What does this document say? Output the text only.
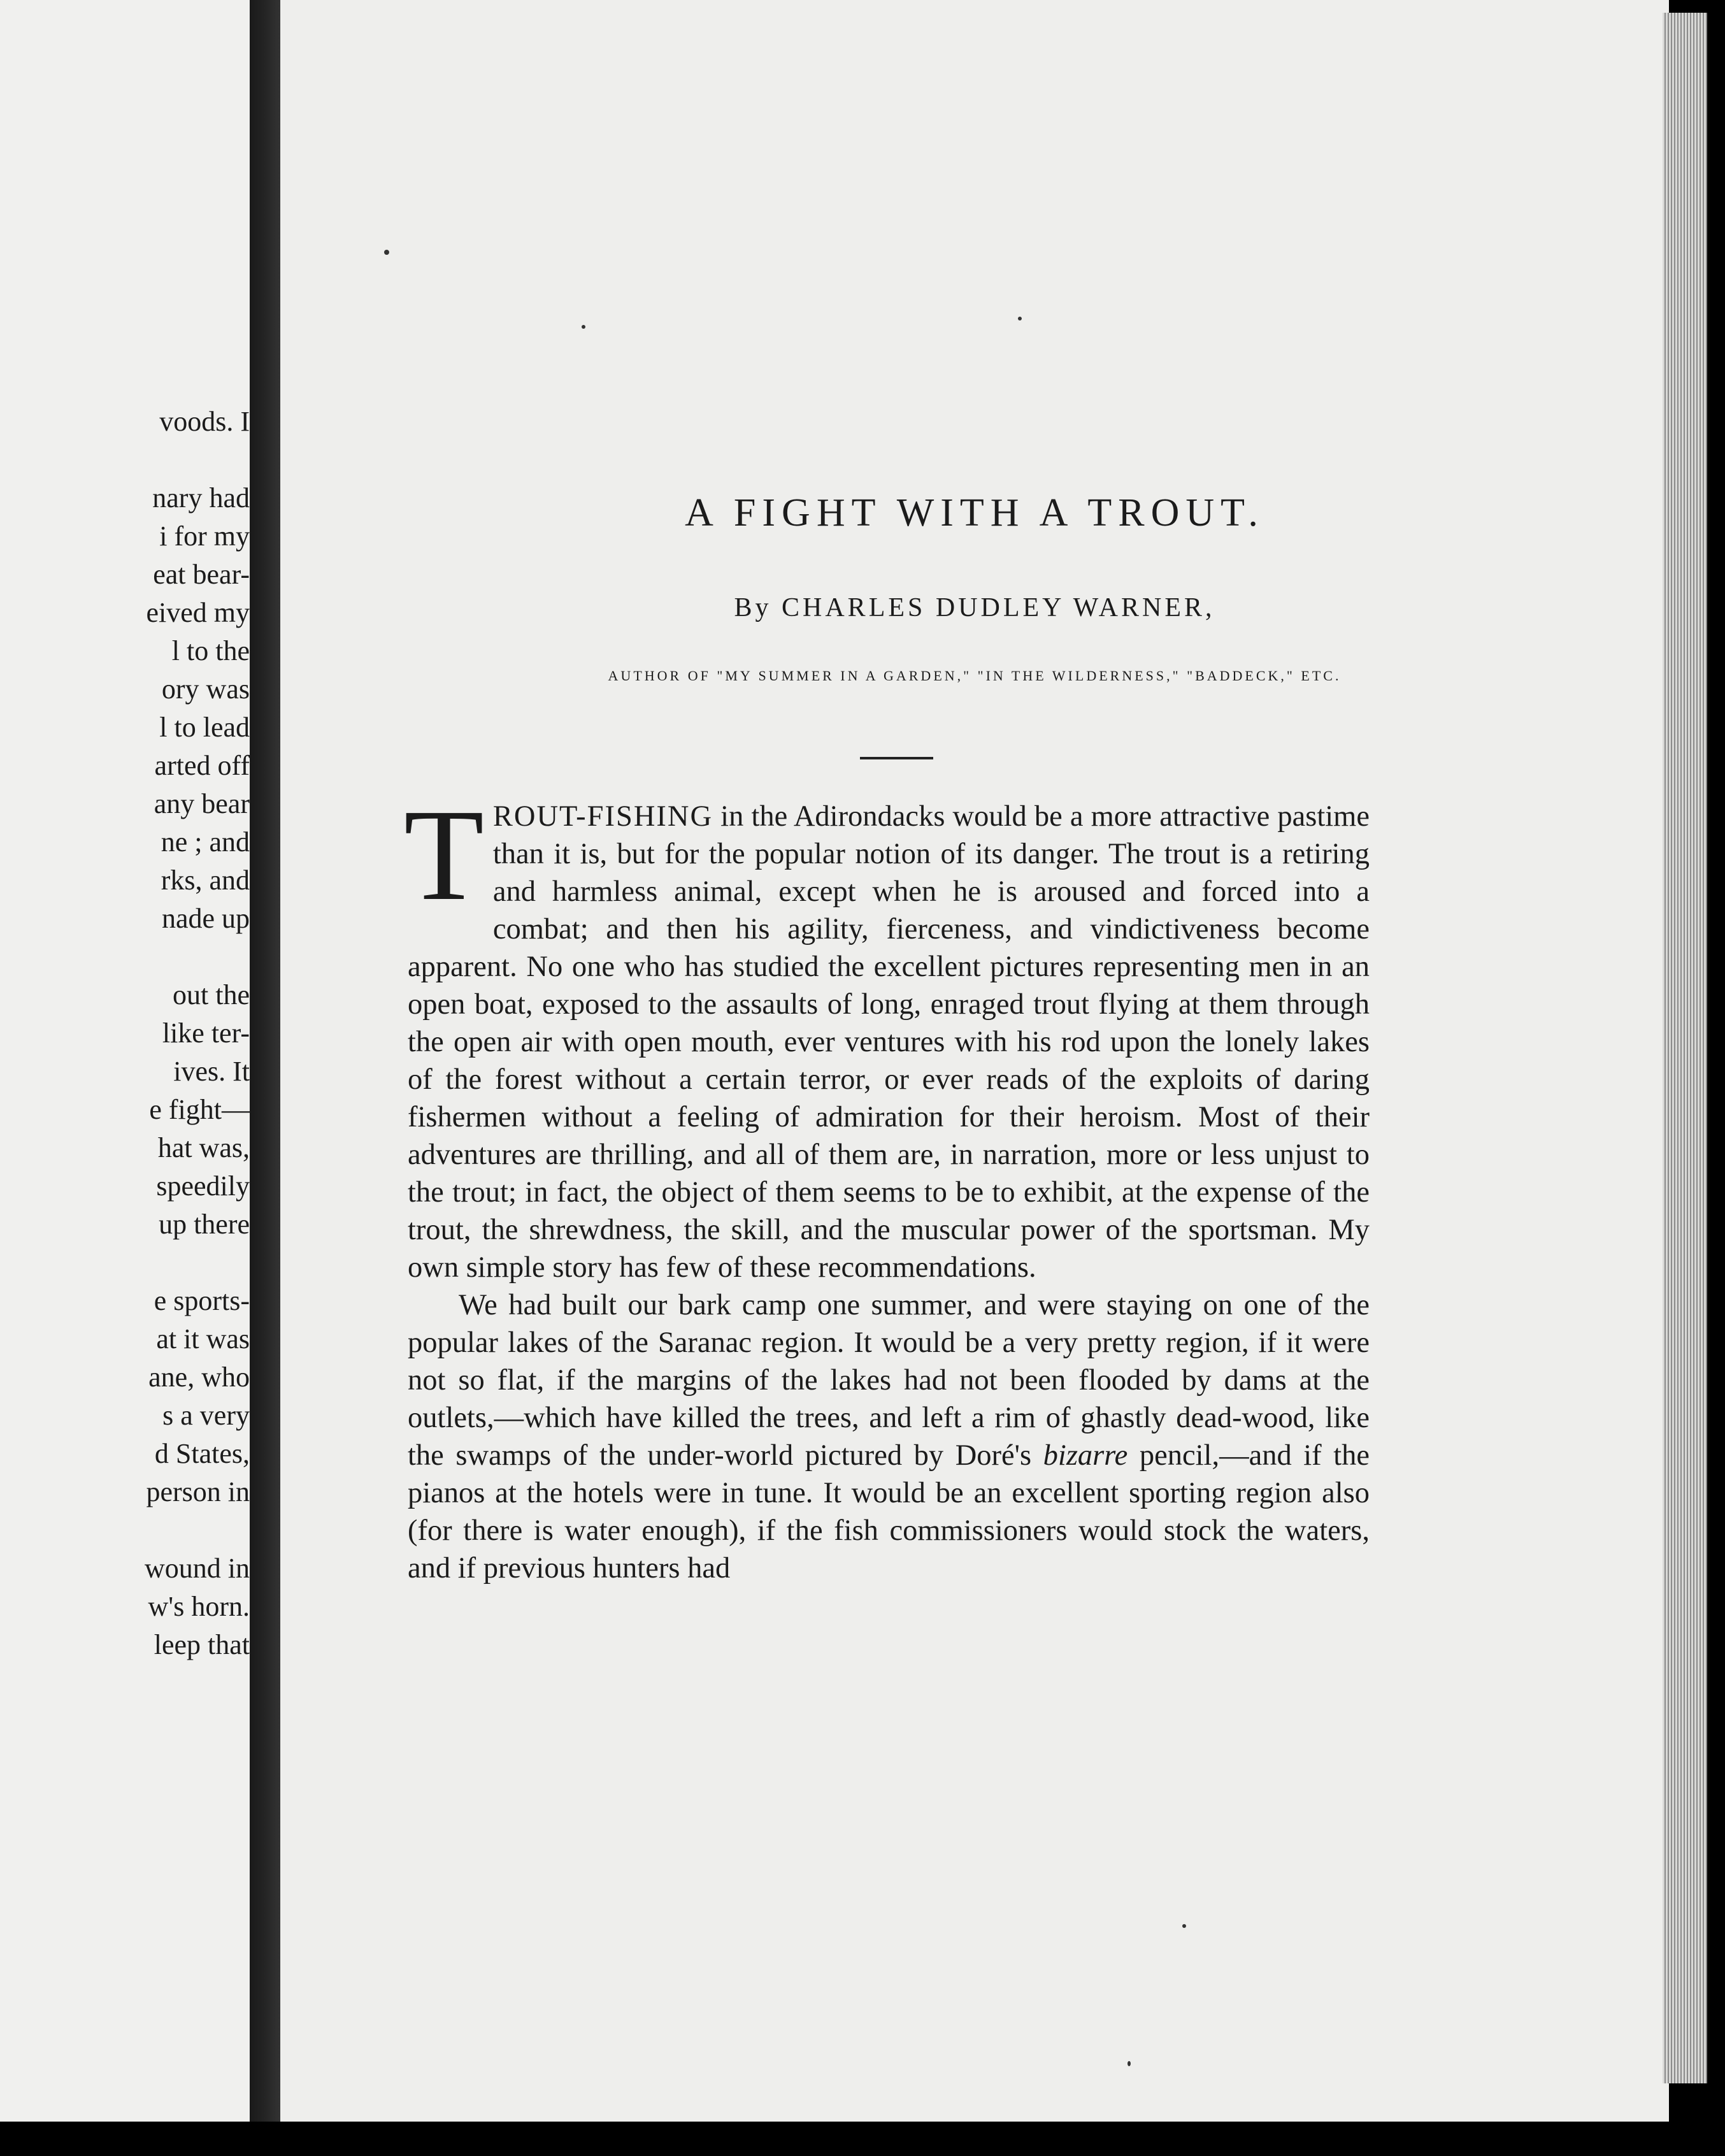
voods. I
nary had
i for my
eat bear-
eived my
l to the
ory was
l to lead
arted off
any bear
ne ; and
rks, and
nade up
out the
like ter-
ives. It
e fight—
hat was,
speedily
up there
e sports-
at it was
ane, who
s a very
d States,
person in
wound in
w's horn.
leep that
A FIGHT WITH A TROUT.
By CHARLES DUDLEY WARNER,
AUTHOR OF "MY SUMMER IN A GARDEN," "IN THE WILDERNESS," "BADDECK," ETC.

TROUT-FISHING in the Adirondacks would be a more attractive pastime than it is, but for the popular notion of its danger. The trout is a retiring and harmless animal, except when he is aroused and forced into a combat; and then his agility, fierceness, and vindictiveness become apparent. No one who has studied the excellent pictures representing men in an open boat, exposed to the assaults of long, enraged trout flying at them through the open air with open mouth, ever ventures with his rod upon the lonely lakes of the forest without a certain terror, or ever reads of the exploits of daring fishermen without a feeling of admiration for their heroism. Most of their adventures are thrilling, and all of them are, in narration, more or less unjust to the trout; in fact, the object of them seems to be to exhibit, at the expense of the trout, the shrewdness, the skill, and the muscular power of the sportsman. My own simple story has few of these recommendations.

We had built our bark camp one summer, and were staying on one of the popular lakes of the Saranac region. It would be a very pretty region, if it were not so flat, if the margins of the lakes had not been flooded by dams at the outlets,—which have killed the trees, and left a rim of ghastly dead-wood, like the swamps of the under-world pictured by Doré's bizarre pencil,—and if the pianos at the hotels were in tune. It would be an excellent sporting region also (for there is water enough), if the fish commissioners would stock the waters, and if previous hunters had
